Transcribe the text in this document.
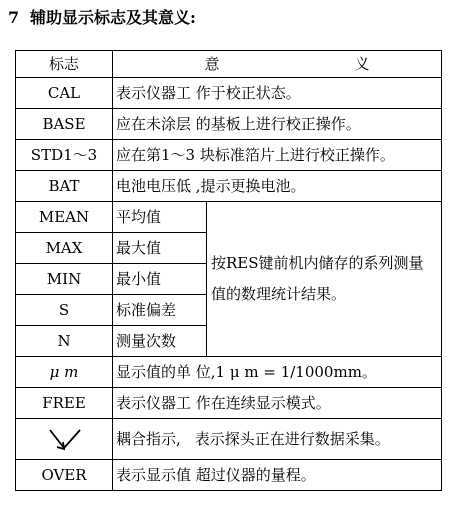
7 辅助显示标志及其意义:
标志	意 义	
CAL	表示仪器工 作于校正状态。	
BASE	应在未涂层 的基板上进行校正操作。	
STD1～3	应在第1～3 块标准箔片上进行校正操作。	
BAT	电池电压低 ,提示更换电池。	
MEAN	平均值	按RES键前机内储存的系列测量值的数理统计结果。
MAX	最大值	
MIN	最小值	
S	标准偏差	
N	测量次数	
μ m	显示值的单 位,1 μ m = 1/1000mm。	
FREE	表示仪器工 作在连续显示模式。	
	耦合指示, 表示探头正在进行数据采集。	
OVER	表示显示值 超过仪器的量程。	
